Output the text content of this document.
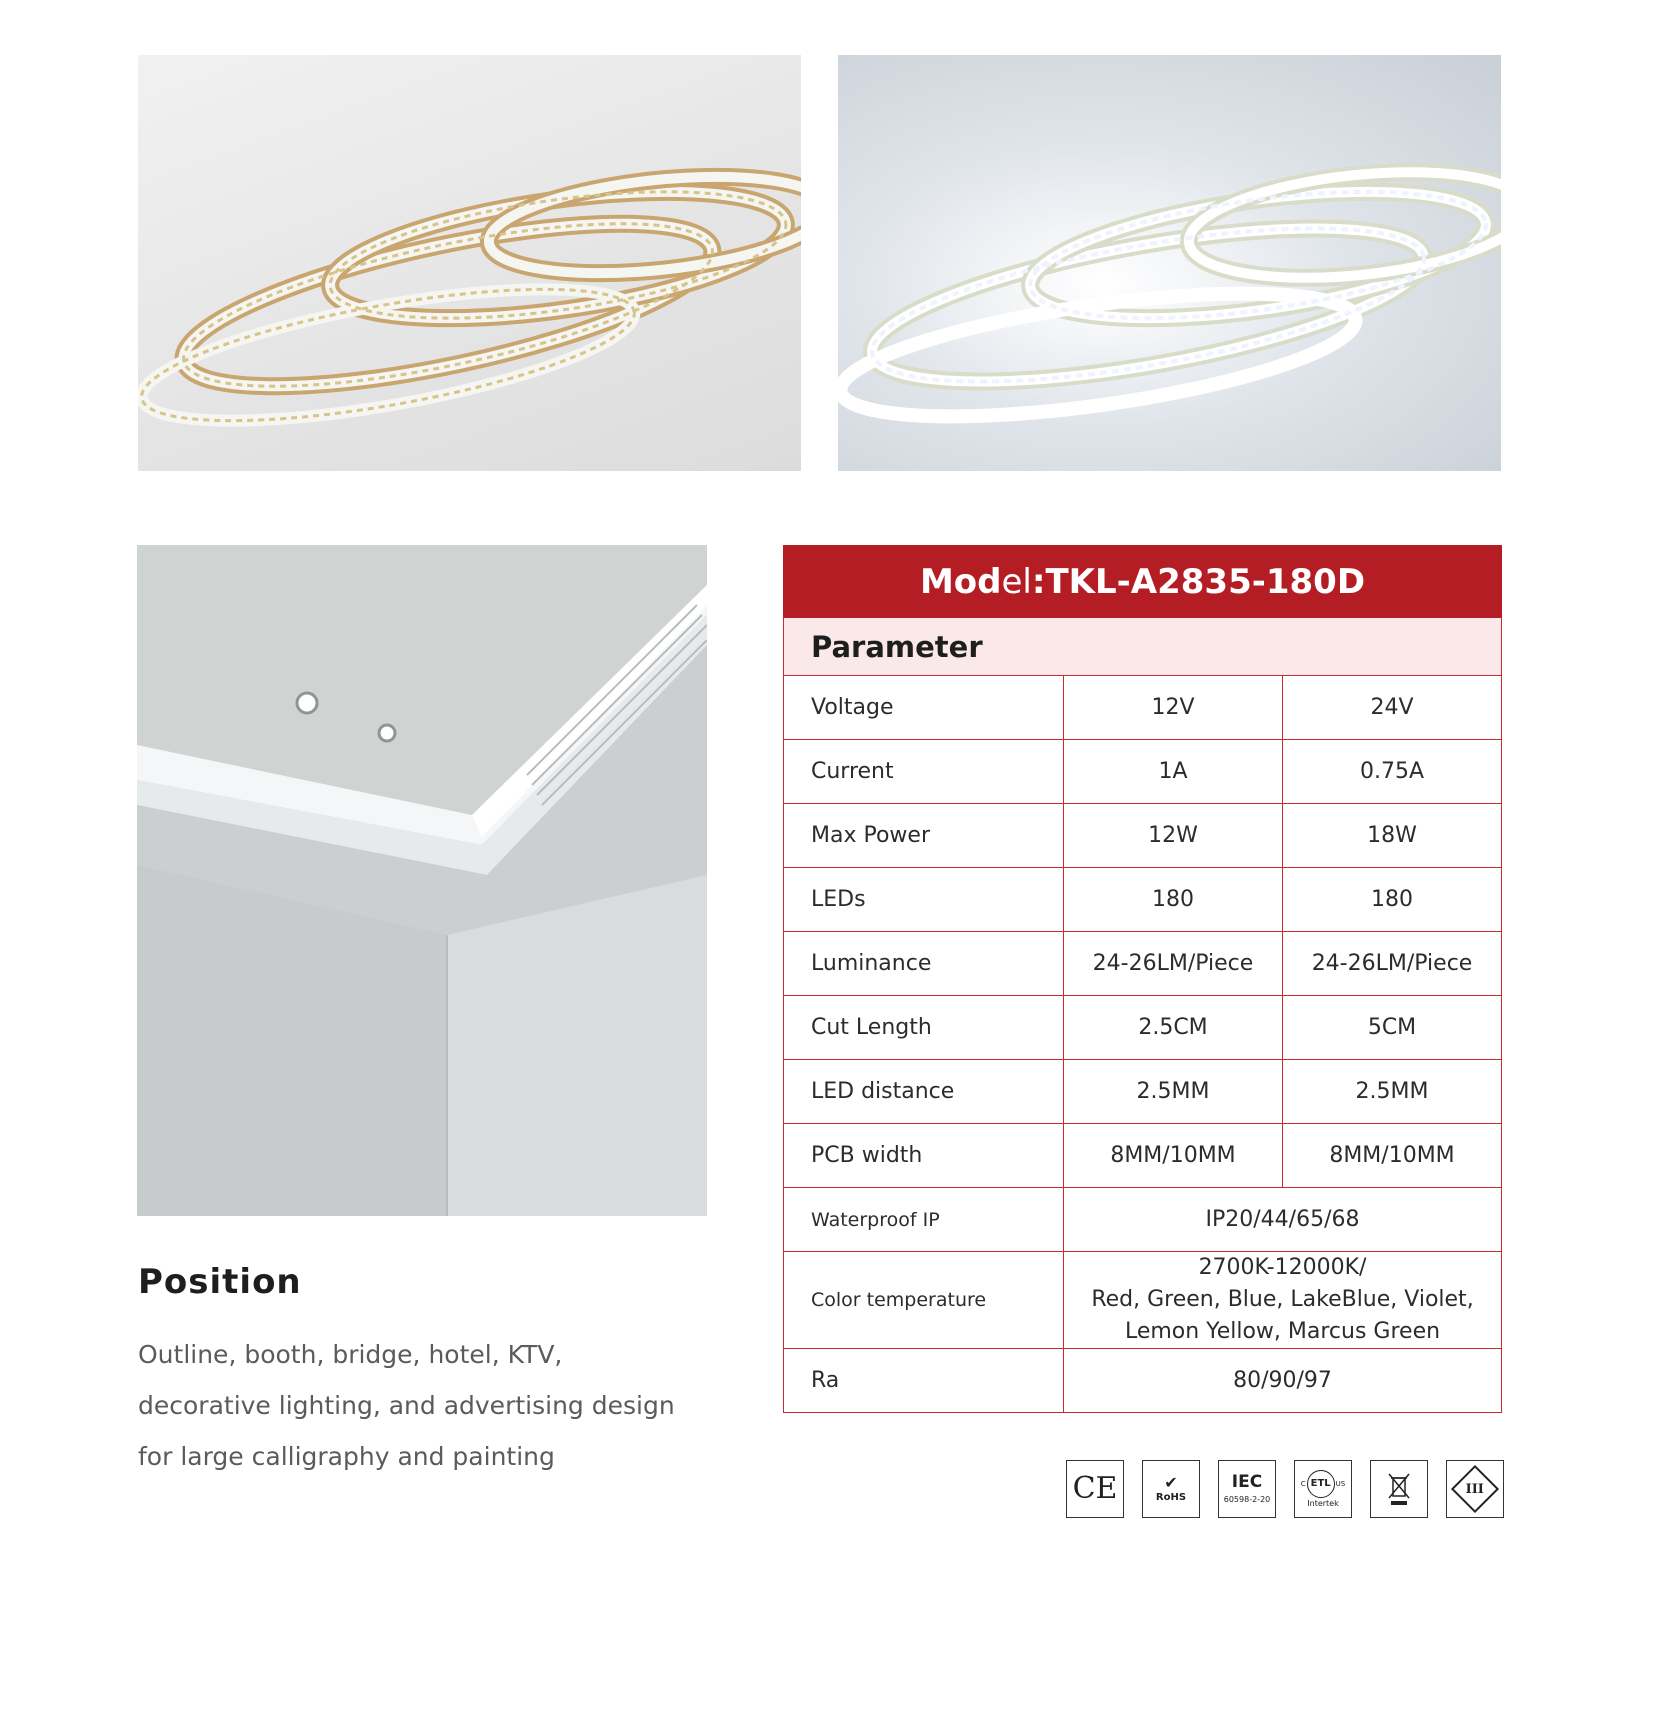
Position

Outline, booth, bridge, hotel, KTV, decorative lighting, and advertising design for large calligraphy and painting

Model:TKL-A2835-180D		
Parameter		
Voltage	12V	24V
Current	1A	0.75A
Max Power	12W	18W
LEDs	180	180
Luminance	24-26LM/Piece	24-26LM/Piece
Cut Length	2.5CM	5CM
LED distance	2.5MM	2.5MM
PCB width	8MM/10MM	8MM/10MM
Waterproof IP	IP20/44/65/68	
Color temperature	2700K-12000K/
Red, Green, Blue, LakeBlue, Violet,
Lemon Yellow, Marcus Green	

Ra	80/90/97	
CE	✔
RoHS
IEC
60598-2-20
C ETL US
Intertek
III
